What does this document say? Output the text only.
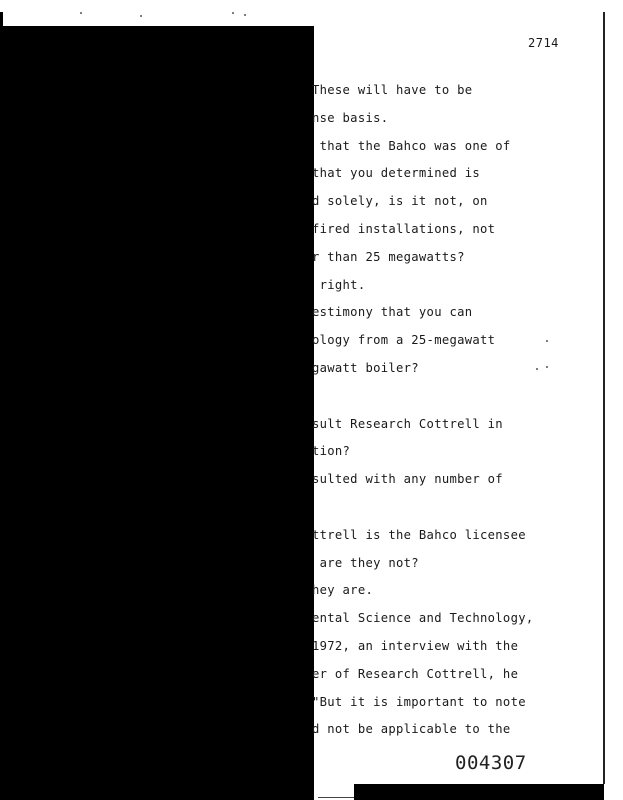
2714
These will have to be
nse basis.
that the Bahco was one of
that you determined is
d solely, is it not, on
fired installations, not
r than 25 megawatts?
right.
estimony that you can
ology from a 25-megawatt
gawatt boiler?
sult Research Cottrell in
tion?
sulted with any number of
ttrell is the Bahco licensee
are they not?
hey are.
ental Science and Technology,
1972, an interview with the
er of Research Cottrell, he
"But it is important to note
d not be applicable to the
004307
